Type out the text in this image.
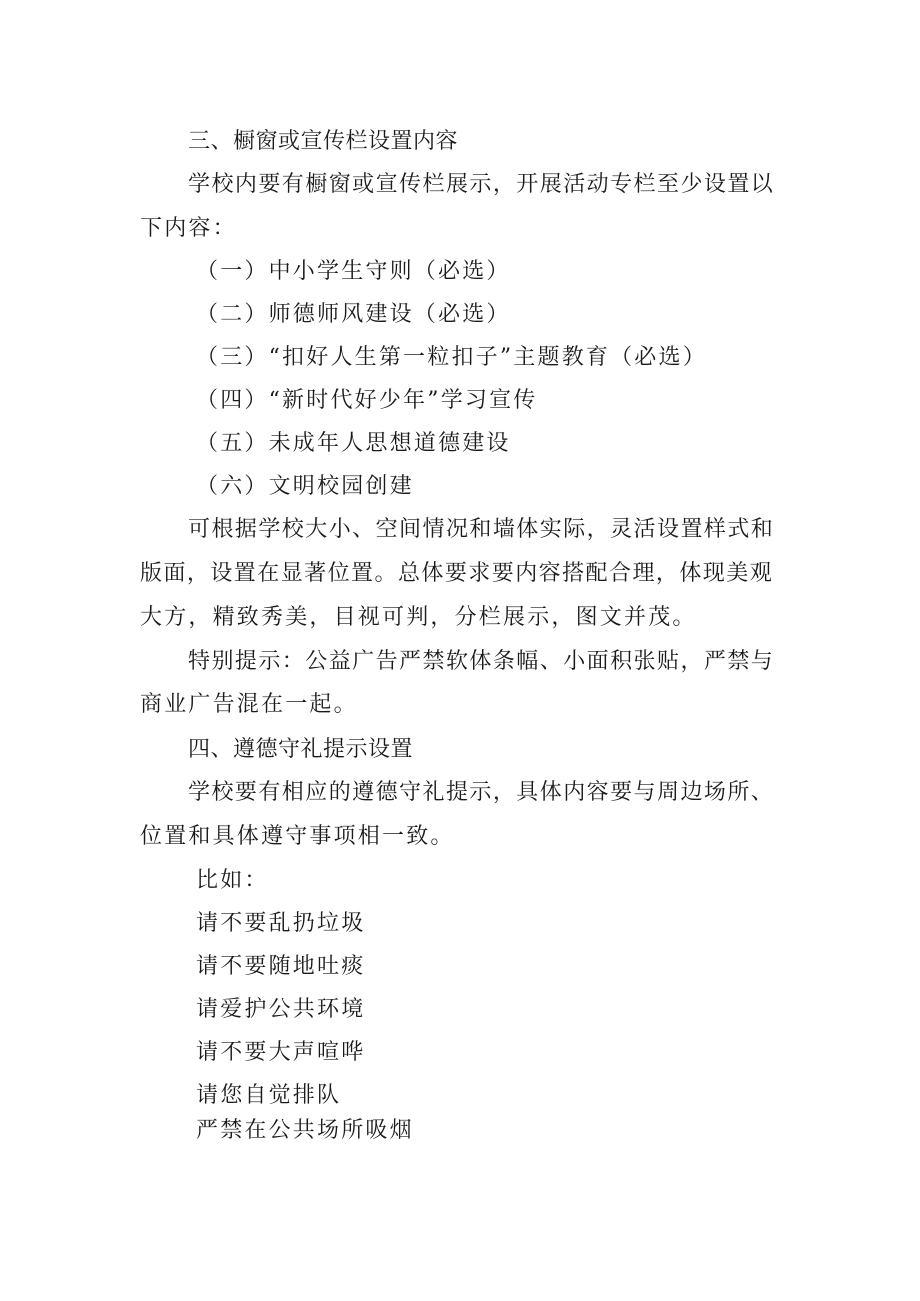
三、橱窗或宣传栏设置内容
学校内要有橱窗或宣传栏展示，开展活动专栏至少设置以
下内容：
（一）中小学生守则（必选）
（二）师德师风建设（必选）
（三）“扣好人生第一粒扣子”主题教育（必选）
（四）“新时代好少年”学习宣传
（五）未成年人思想道德建设
（六）文明校园创建
可根据学校大小、空间情况和墙体实际，灵活设置样式和
版面，设置在显著位置。总体要求要内容搭配合理，体现美观
大方，精致秀美，目视可判，分栏展示，图文并茂。
特别提示：公益广告严禁软体条幅、小面积张贴，严禁与
商业广告混在一起。
四、遵德守礼提示设置
学校要有相应的遵德守礼提示，具体内容要与周边场所、
位置和具体遵守事项相一致。
比如：
请不要乱扔垃圾
请不要随地吐痰
请爱护公共环境
请不要大声喧哗
请您自觉排队
严禁在公共场所吸烟
